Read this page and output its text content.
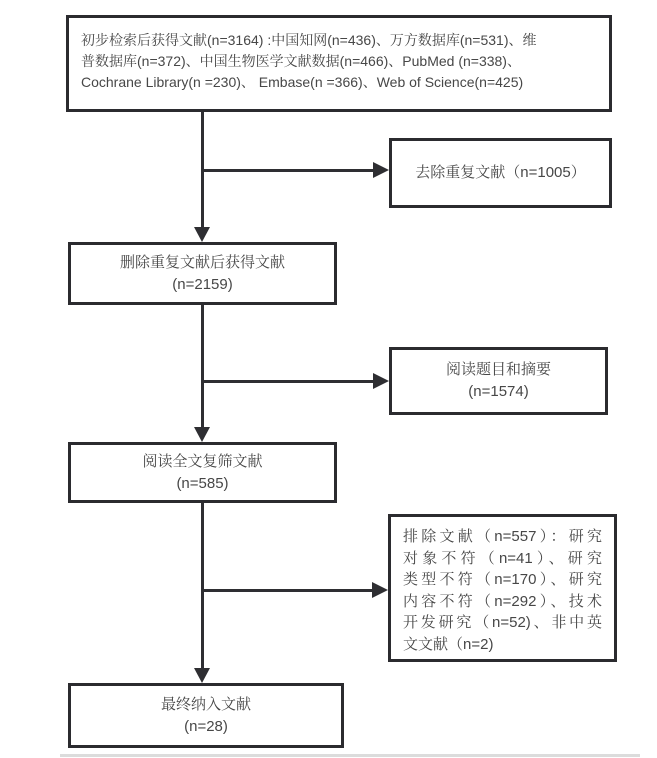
初步检索后获得文献(n=3164) :中国知网(n=436)、万方数据库(n=531)、维
普数据库(n=372)、中国生物医学文献数据(n=466)、PubMed (n=338)、
Cochrane Library(n =230)、 Embase(n =366)、Web of Science(n=425)
去除重复文献（n=1005）
删除重复文献后获得文献
(n=2159)
阅读题目和摘要
(n=1574)
阅读全文复筛文献
(n=585)
排除文献（n=557）：研究
对象不符（n=41）、研究
类型不符（n=170）、研究
内容不符（n=292）、技术
开发研究（n=52)、非中英
文文献（n=2)
最终纳入文献
(n=28)
